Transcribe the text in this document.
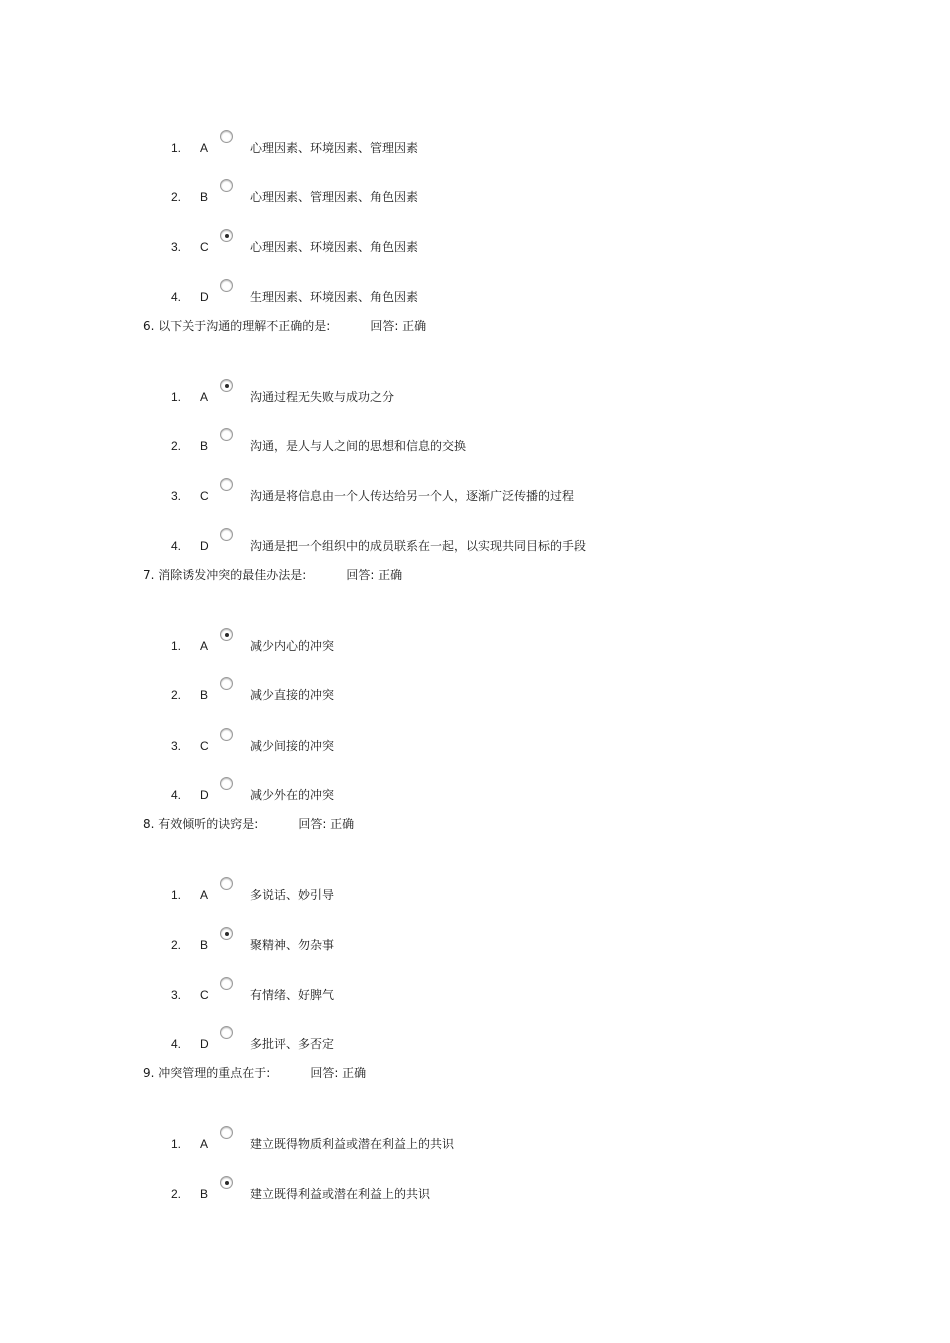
1. A	心理因素、环境因素、管理因素
2. B	心理因素、管理因素、角色因素
3. C	心理因素、环境因素、角色因素
4. D	生理因素、环境因素、角色因素
6. 以下关于沟通的理解不正确的是:	回答: 正确
1. A	沟通过程无失败与成功之分
2. B	沟通，是人与人之间的思想和信息的交换
3. C	沟通是将信息由一个人传达给另一个人，逐渐广泛传播的过程
4. D	沟通是把一个组织中的成员联系在一起，以实现共同目标的手段
7. 消除诱发冲突的最佳办法是:	回答: 正确
1. A	减少内心的冲突
2. B	减少直接的冲突
3. C	减少间接的冲突
4. D	减少外在的冲突
8. 有效倾听的诀窍是:	回答: 正确
1. A	多说话、妙引导
2. B	聚精神、勿杂事
3. C	有情绪、好脾气
4. D	多批评、多否定
9. 冲突管理的重点在于:	回答: 正确
1. A	建立既得物质利益或潜在利益上的共识
2. B	建立既得利益或潜在利益上的共识
